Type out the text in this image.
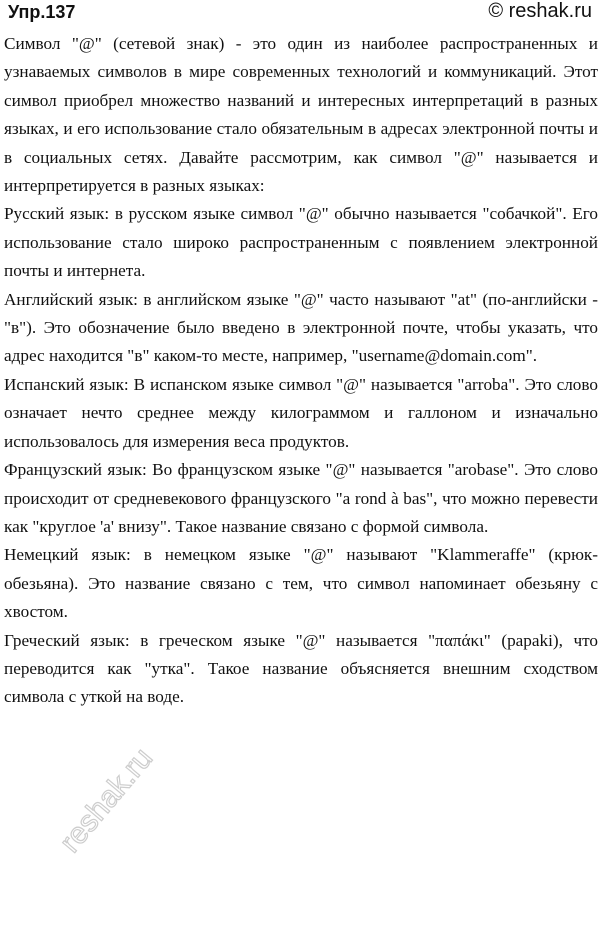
Упр.137	© reshak.ru

Символ "@" (сетевой знак) - это один из наиболее распространенных и узнаваемых символов в мире современных технологий и коммуникаций. Этот символ приобрел множество названий и интересных интерпретаций в разных языках, и его использование стало обязательным в адресах электронной почты и в социальных сетях. Давайте рассмотрим, как символ "@" называется и интерпретируется в разных языках:

Русский язык: в русском языке символ "@" обычно называется "собачкой". Его использование стало широко распространенным с появлением электронной почты и интернета.

Английский язык: в английском языке "@" часто называют "at" (по-английски - "в"). Это обозначение было введено в электронной почте, чтобы указать, что адрес находится "в" каком-то месте, например, "username@domain.com".

Испанский язык: В испанском языке символ "@" называется "arroba". Это слово означает нечто среднее между килограммом и галлоном и изначально использовалось для измерения веса продуктов.

Французский язык: Во французском языке "@" называется "arobase". Это слово происходит от средневекового французского "a rond à bas", что можно перевести как "круглое 'a' внизу". Такое название связано с формой символа.

Немецкий язык: в немецком языке "@" называют "Klammeraffe" (крюк-обезьяна). Это название связано с тем, что символ напоминает обезьяну с хвостом.

Греческий язык: в греческом языке "@" называется "παπάκι" (papaki), что переводится как "утка". Такое название объясняется внешним сходством символа с уткой на воде.

reshak.ru
